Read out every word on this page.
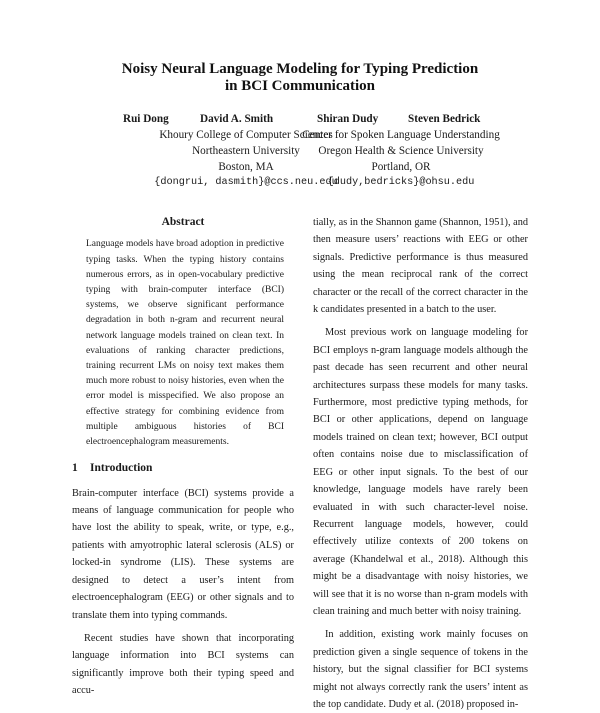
Noisy Neural Language Modeling for Typing Prediction
in BCI Communication
Rui Dong	David A. Smith	Shiran Dudy	Steven Bedrick
Khoury College of Computer Sciences
Northeastern University
Boston, MA
{dongrui, dasmith}@ccs.neu.edu
Center for Spoken Language Understanding
Oregon Health & Science University
Portland, OR
{dudy,bedricks}@ohsu.edu
Abstract

Language models have broad adoption in predictive typing tasks. When the typing history contains numerous errors, as in open-vocabulary predictive typing with brain-computer interface (BCI) systems, we observe significant performance degradation in both n-gram and recurrent neural network language models trained on clean text. In evaluations of ranking character predictions, training recurrent LMs on noisy text makes them much more robust to noisy histories, even when the error model is misspecified. We also propose an effective strategy for combining evidence from multiple ambiguous histories of BCI electroencephalogram measurements.

1 Introduction

Brain-computer interface (BCI) systems provide a means of language communication for people who have lost the ability to speak, write, or type, e.g., patients with amyotrophic lateral sclerosis (ALS) or locked-in syndrome (LIS). These systems are designed to detect a user’s intent from electroencephalogram (EEG) or other signals and to translate them into typing commands.

Recent studies have shown that incorporating language information into BCI systems can significantly improve both their typing speed and accu-

tially, as in the Shannon game (Shannon, 1951), and then measure users’ reactions with EEG or other signals. Predictive performance is thus measured using the mean reciprocal rank of the correct character or the recall of the correct character in the k candidates presented in a batch to the user.

Most previous work on language modeling for BCI employs n-gram language models although the past decade has seen recurrent and other neural architectures surpass these models for many tasks. Furthermore, most predictive typing methods, for BCI or other applications, depend on language models trained on clean text; however, BCI output often contains noise due to misclassification of EEG or other input signals. To the best of our knowledge, language models have rarely been evaluated in with such character-level noise. Recurrent language models, however, could effectively utilize contexts of 200 tokens on average (Khandelwal et al., 2018). Although this might be a disadvantage with noisy histories, we will see that it is no worse than n-gram models with clean training and much better with noisy training.

In addition, existing work mainly focuses on prediction given a single sequence of tokens in the history, but the signal classifier for BCI systems might not always correctly rank the users’ intent as the top candidate. Dudy et al. (2018) proposed in-
